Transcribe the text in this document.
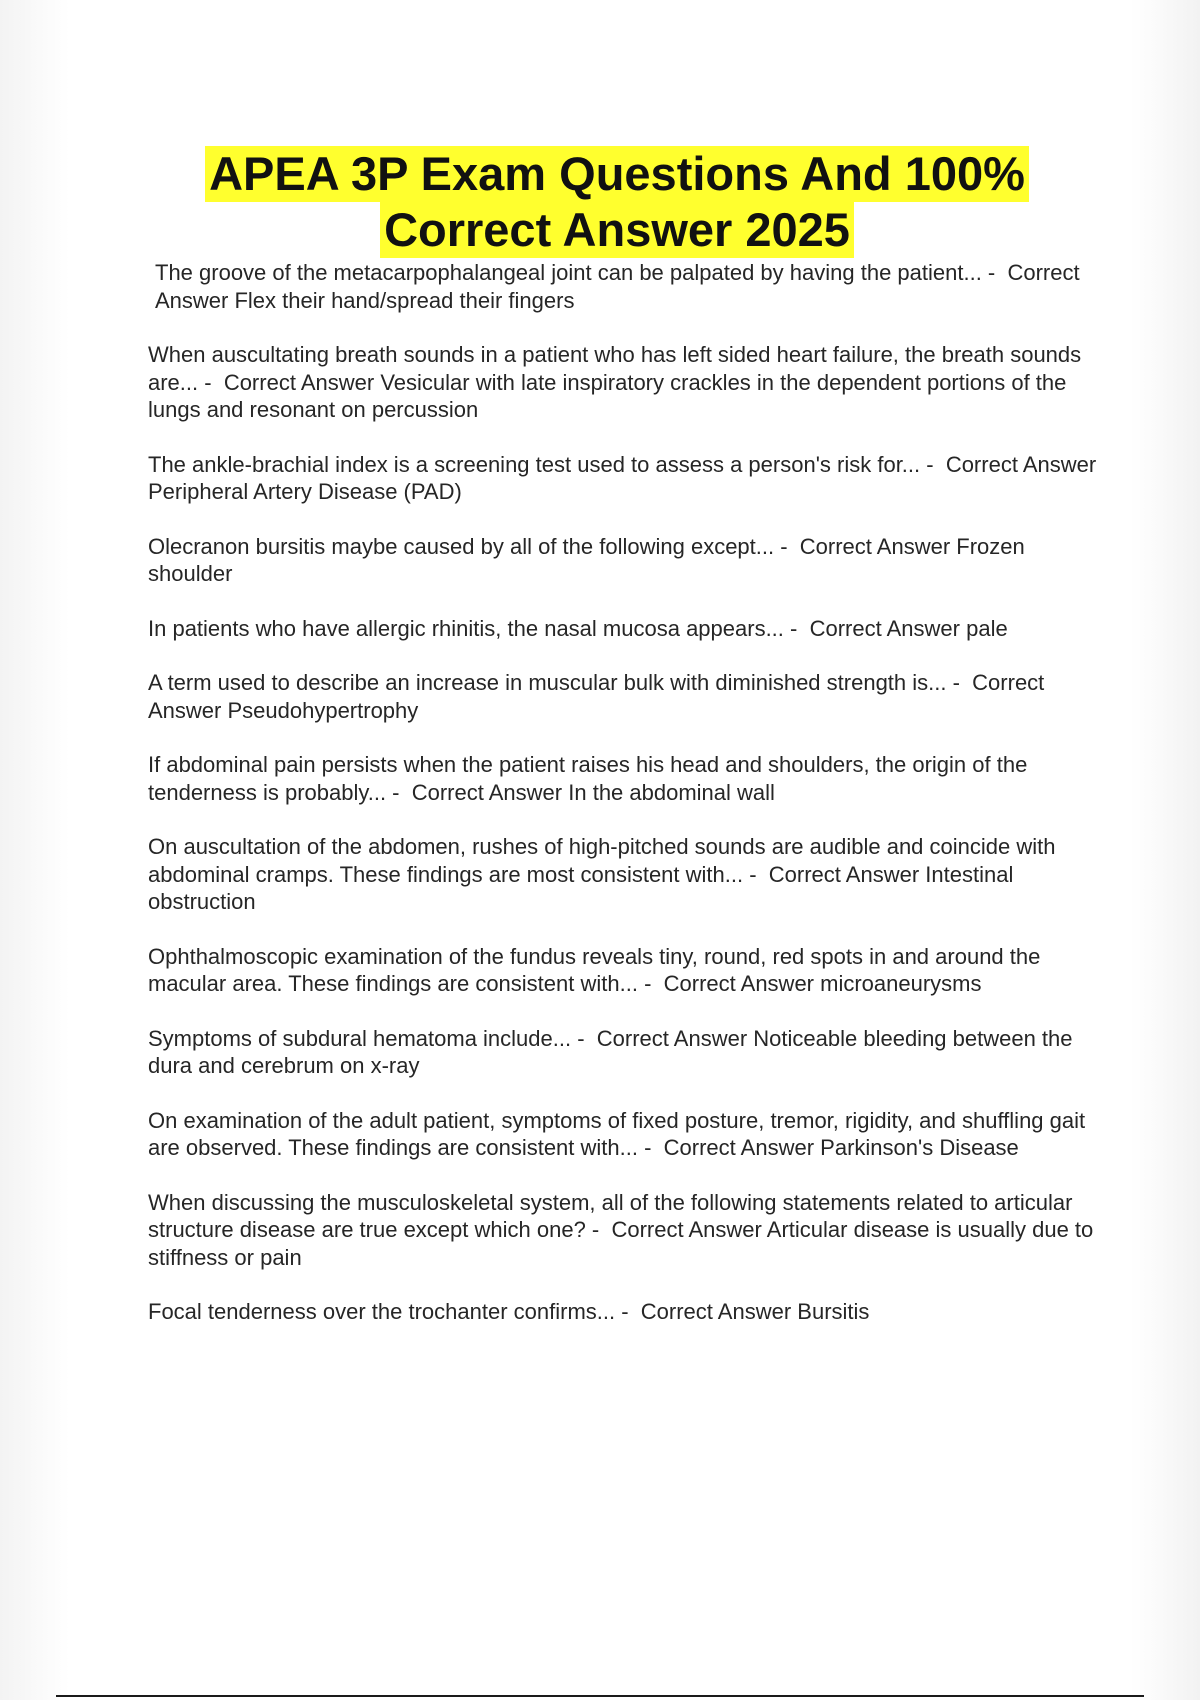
APEA 3P Exam Questions And 100%
Correct Answer 2025
The groove of the metacarpophalangeal joint can be palpated by having the patient... -  Correct Answer Flex their hand/spread their fingers
When auscultating breath sounds in a patient who has left sided heart failure, the breath sounds are... -  Correct Answer Vesicular with late inspiratory crackles in the dependent portions of the lungs and resonant on percussion
The ankle-brachial index is a screening test used to assess a person's risk for... -  Correct Answer Peripheral Artery Disease (PAD)
Olecranon bursitis maybe caused by all of the following except... -  Correct Answer Frozen shoulder
In patients who have allergic rhinitis, the nasal mucosa appears... -  Correct Answer pale
A term used to describe an increase in muscular bulk with diminished strength is... -  Correct Answer Pseudohypertrophy
If abdominal pain persists when the patient raises his head and shoulders, the origin of the tenderness is probably... -  Correct Answer In the abdominal wall
On auscultation of the abdomen, rushes of high-pitched sounds are audible and coincide with abdominal cramps. These findings are most consistent with... -  Correct Answer Intestinal obstruction
Ophthalmoscopic examination of the fundus reveals tiny, round, red spots in and around the macular area. These findings are consistent with... -  Correct Answer microaneurysms
Symptoms of subdural hematoma include... -  Correct Answer Noticeable bleeding between the dura and cerebrum on x-ray
On examination of the adult patient, symptoms of fixed posture, tremor, rigidity, and shuffling gait are observed. These findings are consistent with... -  Correct Answer Parkinson's Disease
When discussing the musculoskeletal system, all of the following statements related to articular structure disease are true except which one? -  Correct Answer Articular disease is usually due to stiffness or pain
Focal tenderness over the trochanter confirms... -  Correct Answer Bursitis
